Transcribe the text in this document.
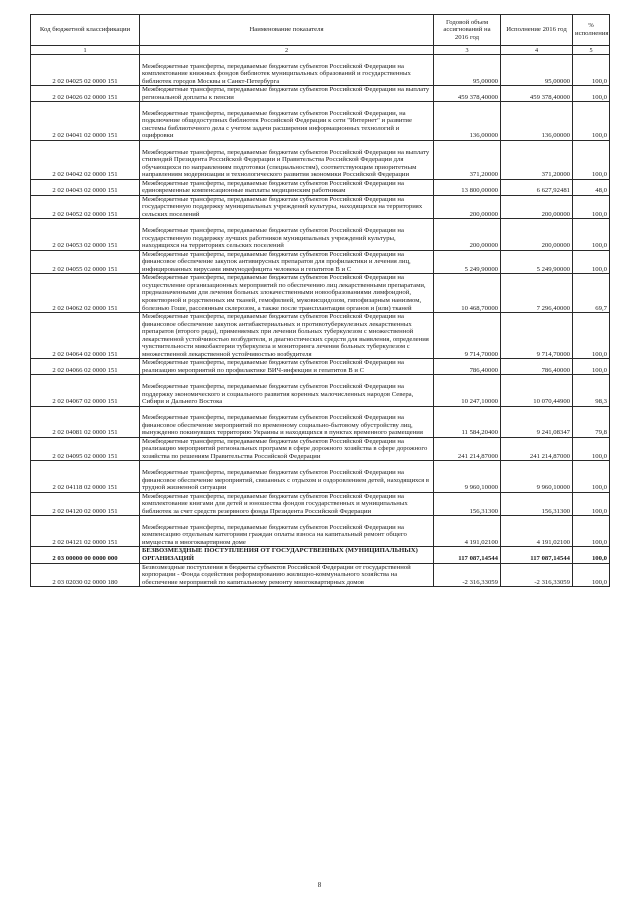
Код бюджетной классификации	Наименование показателя	Годовой объем ассигнований на 2016 год	Исполнение 2016 год	% исполнения
1	2	3	4	5
2 02 04025 02 0000 151	Межбюджетные трансферты, передаваемые бюджетам субъектов Российской Федерации на комплектование книжных фондов библиотек муниципальных образований и государственных библиотек городов Москвы и Санкт-Петербурга	95,00000	95,00000	100,0
2 02 04026 02 0000 151	Межбюджетные трансферты, передаваемые бюджетам субъектов Российской Федерации на выплату региональной доплаты к пенсии	459 378,40000	459 378,40000	100,0
2 02 04041 02 0000 151	Межбюджетные трансферты, передаваемые бюджетам субъектов Российской Федерации, на подключение общедоступных библиотек Российской Федерации к сети "Интернет" и развитие системы библиотечного дела с учетом задачи расширения информационных технологий и оцифровки	136,00000	136,00000	100,0
2 02 04042 02 0000 151	Межбюджетные трансферты, передаваемые бюджетам субъектов Российской Федерации на выплату стипендий Президента Российской Федерации и Правительства Российской Федерации для обучающихся по направлениям подготовки (специальностям), соответствующим приоритетным направлениям модернизации и технологического развития экономики Российской Федерации	371,20000	371,20000	100,0
2 02 04043 02 0000 151	Межбюджетные трансферты, передаваемые бюджетам субъектов Российской Федерации на единовременные компенсационные выплаты медицинским работникам	13 800,00000	6 627,92481	48,0
2 02 04052 02 0000 151	Межбюджетные трансферты, передаваемые бюджетам субъектов Российской Федерации на государственную поддержку муниципальных учреждений культуры, находящихся на территориях сельских поселений	200,00000	200,00000	100,0
2 02 04053 02 0000 151	Межбюджетные трансферты, передаваемые бюджетам субъектов Российской Федерации на государственную поддержку лучших работников муниципальных учреждений культуры, находящихся на территориях сельских поселений	200,00000	200,00000	100,0
2 02 04055 02 0000 151	Межбюджетные трансферты, передаваемые бюджетам субъектов Российской Федерации на финансовое обеспечение закупок антивирусных препаратов для профилактики и лечения лиц, инфицированных вирусами иммунодефицита человека и гепатитов В и С	5 249,90000	5 249,90000	100,0
2 02 04062 02 0000 151	Межбюджетные трансферты, передаваемые бюджетам субъектов Российской Федерации на осуществление организационных мероприятий по обеспечению лиц лекарственными препаратами, предназначенными для лечения больных злокачественными новообразованиями лимфоидной, кроветворной и родственных им тканей, гемофилией, муковисцидозом, гипофизарным нанизмом, болезнью Гоше, рассеянным склерозом, а также после трансплантации органов и (или) тканей	10 468,70000	7 296,40000	69,7
2 02 04064 02 0000 151	Межбюджетные трансферты, передаваемые бюджетам субъектов Российской Федерации на финансовое обеспечение закупок антибактериальных и противотуберкулезных лекарственных препаратов (второго ряда), применяемых при лечении больных туберкулезом с множественной лекарственной устойчивостью возбудителя, и диагностических средств для выявления, определения чувствительности микобактерии туберкулеза и мониторинга лечения больных туберкулезом с множественной лекарственной устойчивостью возбудителя	9 714,70000	9 714,70000	100,0
2 02 04066 02 0000 151	Межбюджетные трансферты, передаваемые бюджетам субъектов Российской Федерации на реализацию мероприятий по профилактике ВИЧ-инфекции и гепатитов В и С	786,40000	786,40000	100,0
2 02 04067 02 0000 151	Межбюджетные трансферты, передаваемые бюджетам субъектов Российской Федерации на поддержку экономического и социального развития коренных малочисленных народов Севера, Сибири и Дальнего Востока	10 247,10000	10 070,44900	98,3
2 02 04081 02 0000 151	Межбюджетные трансферты, передаваемые бюджетам субъектов Российской Федерации на финансовое обеспечение мероприятий по временному социально-бытовому обустройству лиц, вынужденно покинувших территорию Украины и находящихся в пунктах временного размещения	11 584,20400	9 241,08347	79,8
2 02 04095 02 0000 151	Межбюджетные трансферты, передаваемые бюджетам субъектов Российской Федерации на реализацию мероприятий региональных программ в сфере дорожного хозяйства в сфере дорожного хозяйства по решениям Правительства Российской Федерации	241 214,87000	241 214,87000	100,0
2 02 04118 02 0000 151	Межбюджетные трансферты, передаваемые бюджетам субъектов Российской Федерации на финансовое обеспечение мероприятий, связанных с отдыхом и оздоровлением детей, находящихся в трудной жизненной ситуации	9 960,10000	9 960,10000	100,0
2 02 04120 02 0000 151	Межбюджетные трансферты, передаваемые бюджетам субъектов Российской Федерации на комплектование книгами для детей и юношества фондов государственных и муниципальных библиотек за счет средств резервного фонда Президента Российской Федерации	156,31300	156,31300	100,0
2 02 04121 02 0000 151	Межбюджетные трансферты, передаваемые бюджетам субъектов Российской Федерации на компенсацию отдельным категориям граждан оплаты взноса на капитальный ремонт общего имущества в многоквартирном доме	4 191,02100	4 191,02100	100,0
2 03 00000 00 0000 000	БЕЗВОЗМЕЗДНЫЕ ПОСТУПЛЕНИЯ ОТ ГОСУДАРСТВЕННЫХ (МУНИЦИПАЛЬНЫХ) ОРГАНИЗАЦИЙ	117 087,14544	117 087,14544	100,0
2 03 02030 02 0000 180	Безвозмездные поступления в бюджеты субъектов Российской Федерации от государственной корпорации - Фонда содействия реформированию жилищно-коммунального хозяйства на обеспечение мероприятий по капитальному ремонту многоквартирных домов	-2 316,33059	-2 316,33059	100,0
8
